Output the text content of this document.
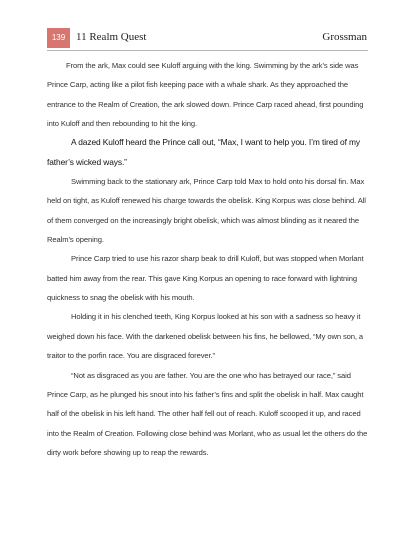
139 11 Realm Quest	Grossman

From the ark, Max could see Kuloff arguing with the king. Swimming by the ark’s side was Prince Carp, acting like a pilot fish keeping pace with a whale shark. As they approached the entrance to the Realm of Creation, the ark slowed down. Prince Carp raced ahead, first pounding into Kuloff and then rebounding to hit the king.

A dazed Kuloff heard the Prince call out, “Max, I want to help you. I’m tired of my father’s wicked ways.”

Swimming back to the stationary ark, Prince Carp told Max to hold onto his dorsal fin. Max held on tight, as Kuloff renewed his charge towards the obelisk. King Korpus was close behind. All of them converged on the increasingly bright obelisk, which was almost blinding as it neared the Realm’s opening.

Prince Carp tried to use his razor sharp beak to drill Kuloff, but was stopped when Morlant batted him away from the rear. This gave King Korpus an opening to race forward with lightning quickness to snag the obelisk with his mouth.

Holding it in his clenched teeth, King Korpus looked at his son with a sadness so heavy it weighed down his face. With the darkened obelisk between his fins, he bellowed, “My own son, a traitor to the porfin race. You are disgraced forever.”

“Not as disgraced as you are father. You are the one who has betrayed our race,” said Prince Carp, as he plunged his snout into his father’s fins and split the obelisk in half. Max caught half of the obelisk in his left hand. The other half fell out of reach. Kuloff scooped it up, and raced into the Realm of Creation. Following close behind was Morlant, who as usual let the others do the dirty work before showing up to reap the rewards.
